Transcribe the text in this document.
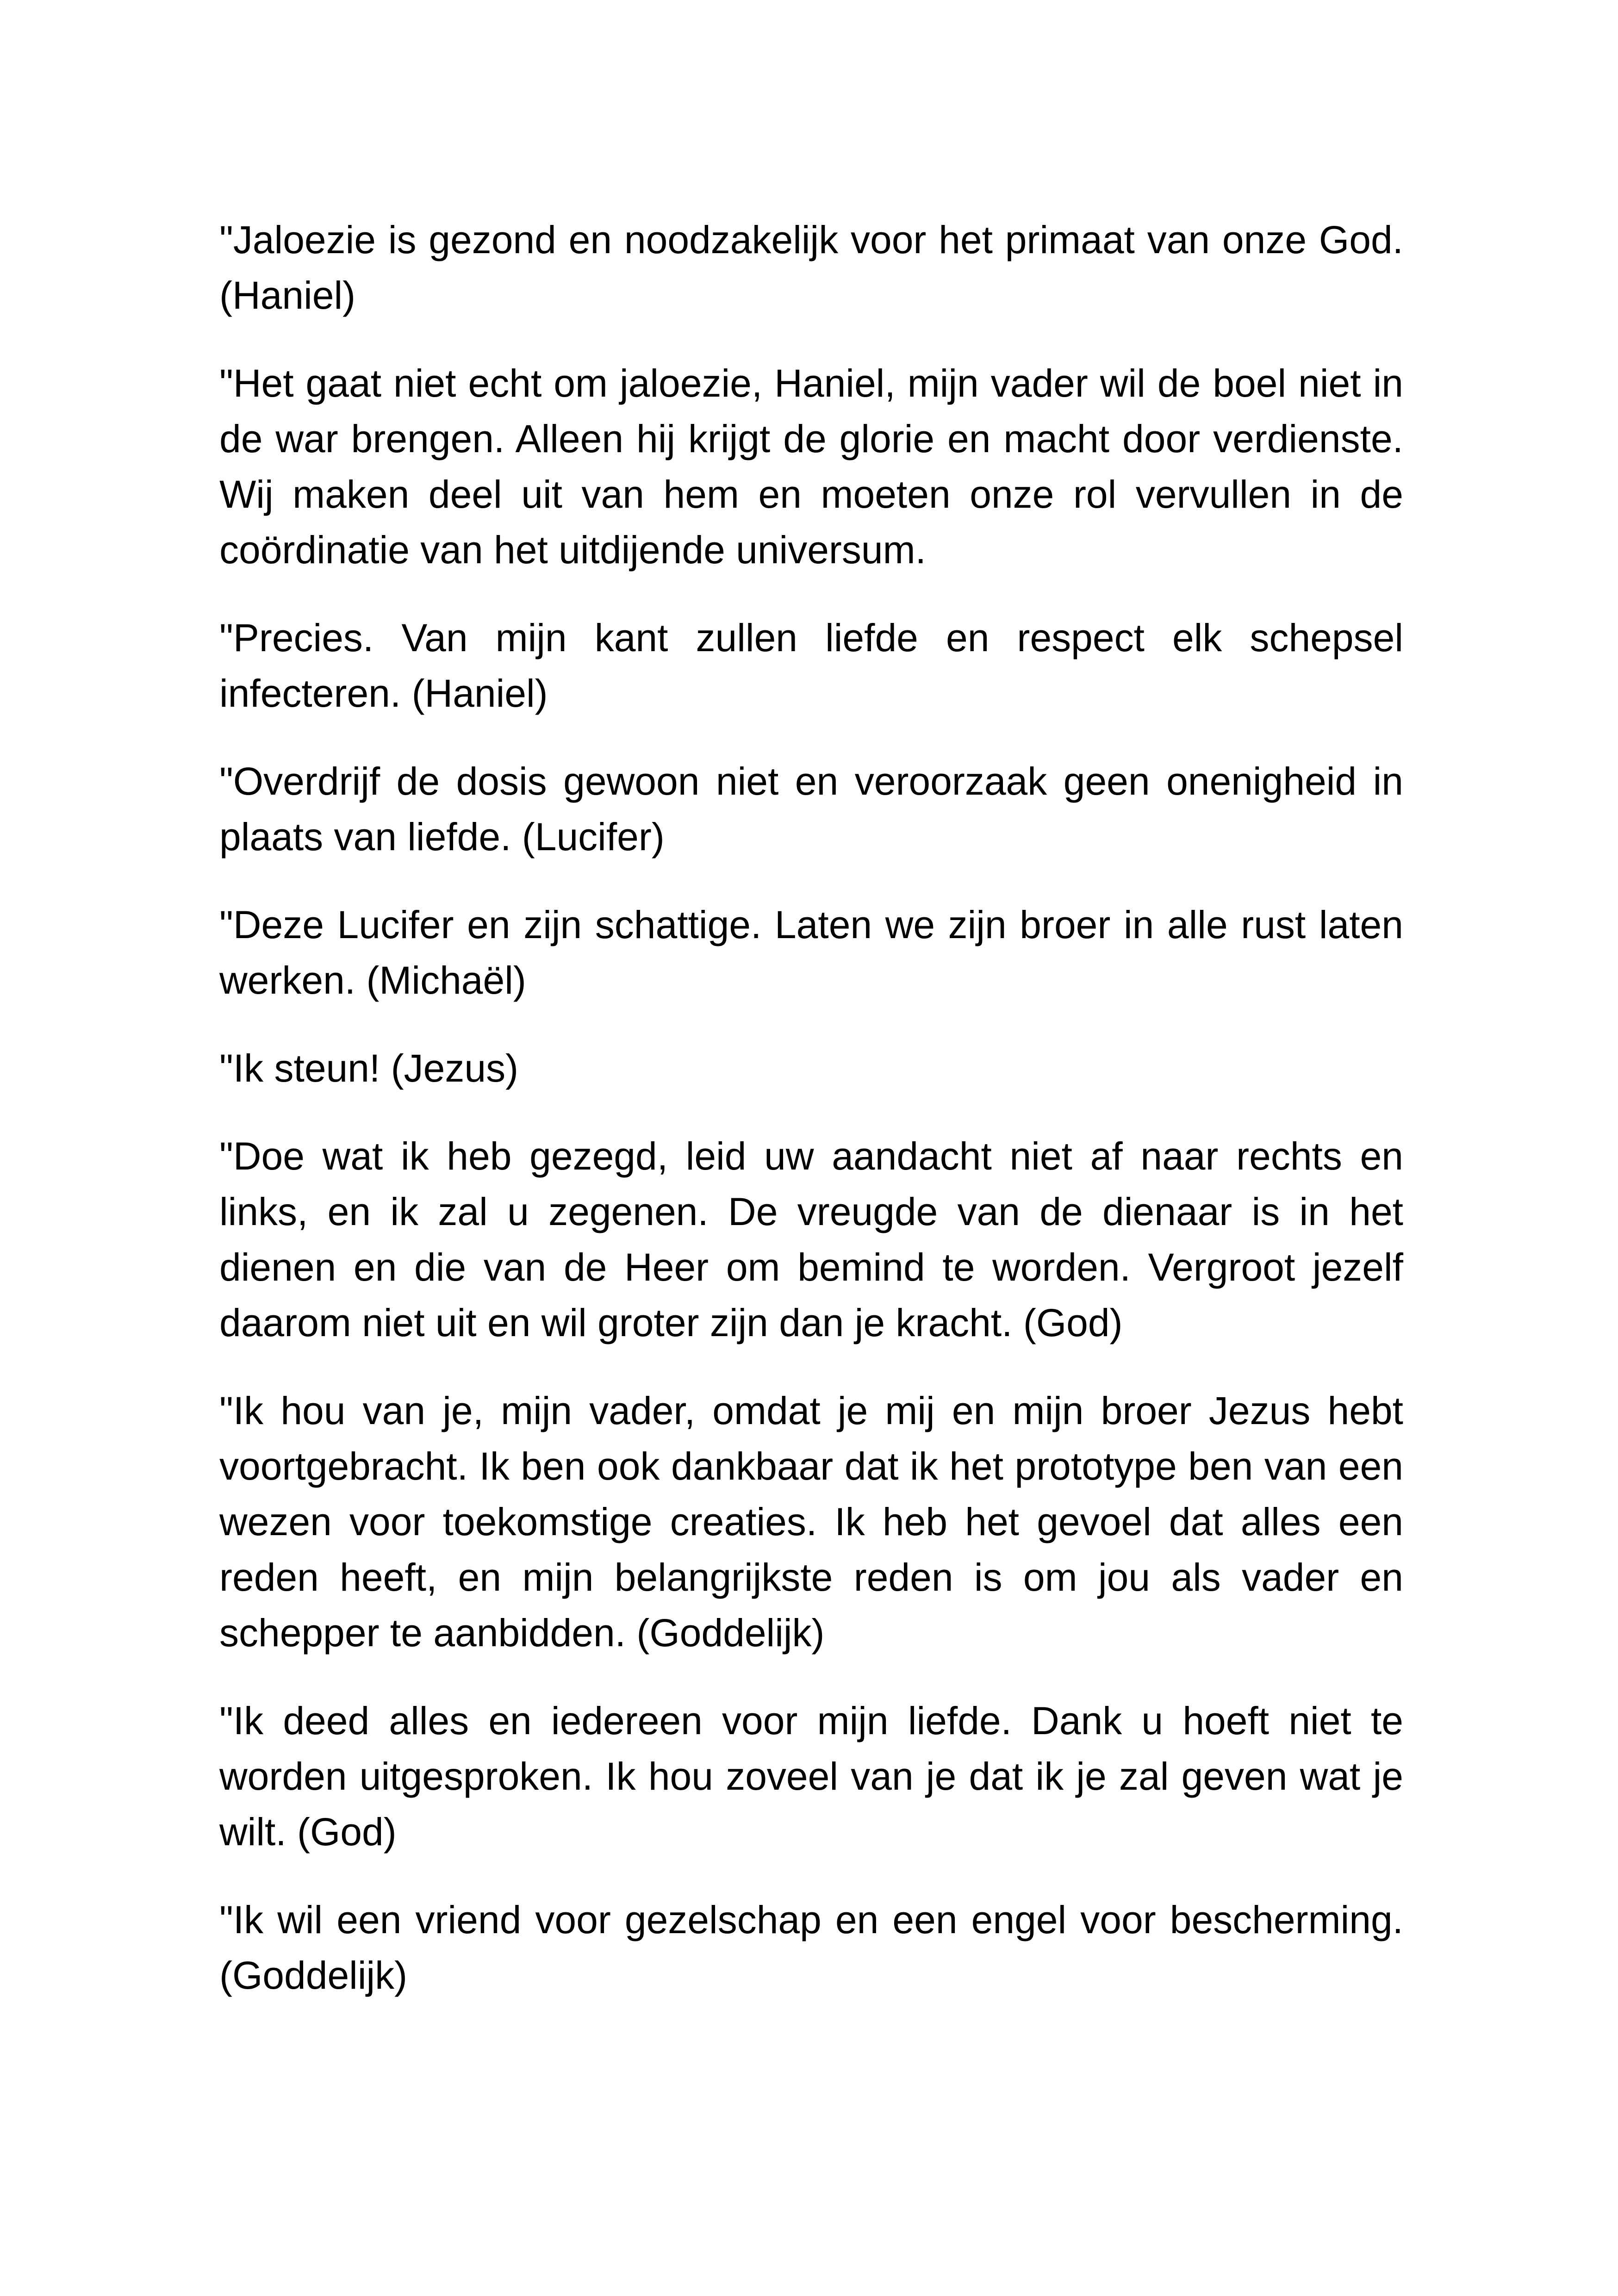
"Jaloezie is gezond en noodzakelijk voor het primaat van onze God. (Haniel)

"Het gaat niet echt om jaloezie, Haniel, mijn vader wil de boel niet in de war brengen. Alleen hij krijgt de glorie en macht door verdienste. Wij maken deel uit van hem en moeten onze rol vervullen in de coördinatie van het uitdijende universum.

"Precies. Van mijn kant zullen liefde en respect elk schepsel infecteren. (Haniel)

"Overdrijf de dosis gewoon niet en veroorzaak geen onenigheid in plaats van liefde. (Lucifer)

"Deze Lucifer en zijn schattige. Laten we zijn broer in alle rust laten werken. (Michaël)

"Ik steun! (Jezus)

"Doe wat ik heb gezegd, leid uw aandacht niet af naar rechts en links, en ik zal u zegenen. De vreugde van de dienaar is in het dienen en die van de Heer om bemind te worden. Vergroot jezelf daarom niet uit en wil groter zijn dan je kracht. (God)

"Ik hou van je, mijn vader, omdat je mij en mijn broer Jezus hebt voortgebracht. Ik ben ook dankbaar dat ik het prototype ben van een wezen voor toekomstige creaties. Ik heb het gevoel dat alles een reden heeft, en mijn belangrijkste reden is om jou als vader en schepper te aanbidden. (Goddelijk)

"Ik deed alles en iedereen voor mijn liefde. Dank u hoeft niet te worden uitgesproken. Ik hou zoveel van je dat ik je zal geven wat je wilt. (God)

"Ik wil een vriend voor gezelschap en een engel voor bescherming. (Goddelijk)
